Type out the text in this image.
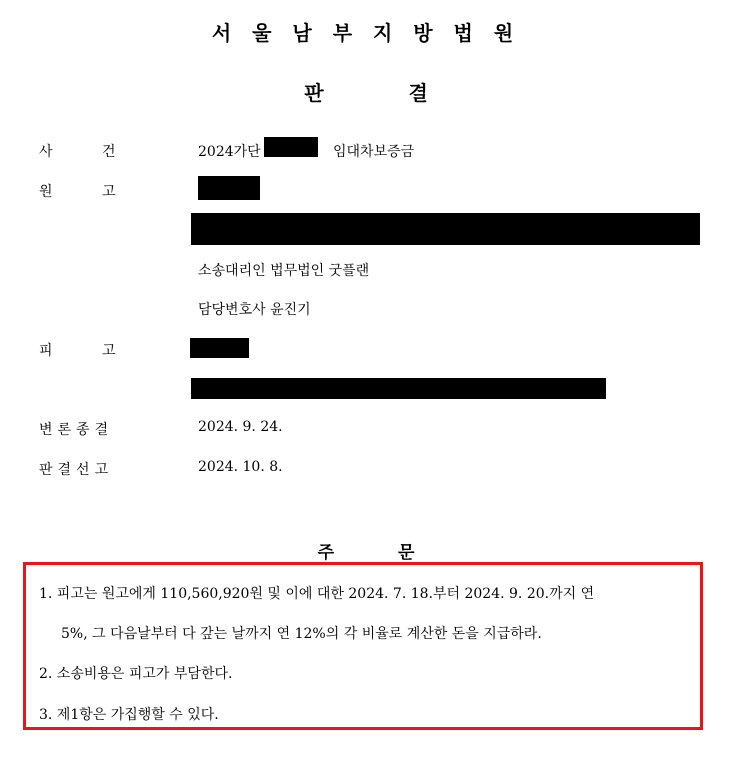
서 울 남 부 지 방 법 원
판 결
사 건	2024가단	임대차보증금
원 고
소송대리인 법무법인 굿플랜
담당변호사 윤진기
피 고
변론종결	2024. 9. 24.
판결선고	2024. 10. 8.
주 문
1. 피고는 원고에게 110,560,920원 및 이에 대한 2024. 7. 18.부터 2024. 9. 20.까지 연
5%, 그 다음날부터 다 갚는 날까지 연 12%의 각 비율로 계산한 돈을 지급하라.
2. 소송비용은 피고가 부담한다.
3. 제1항은 가집행할 수 있다.
